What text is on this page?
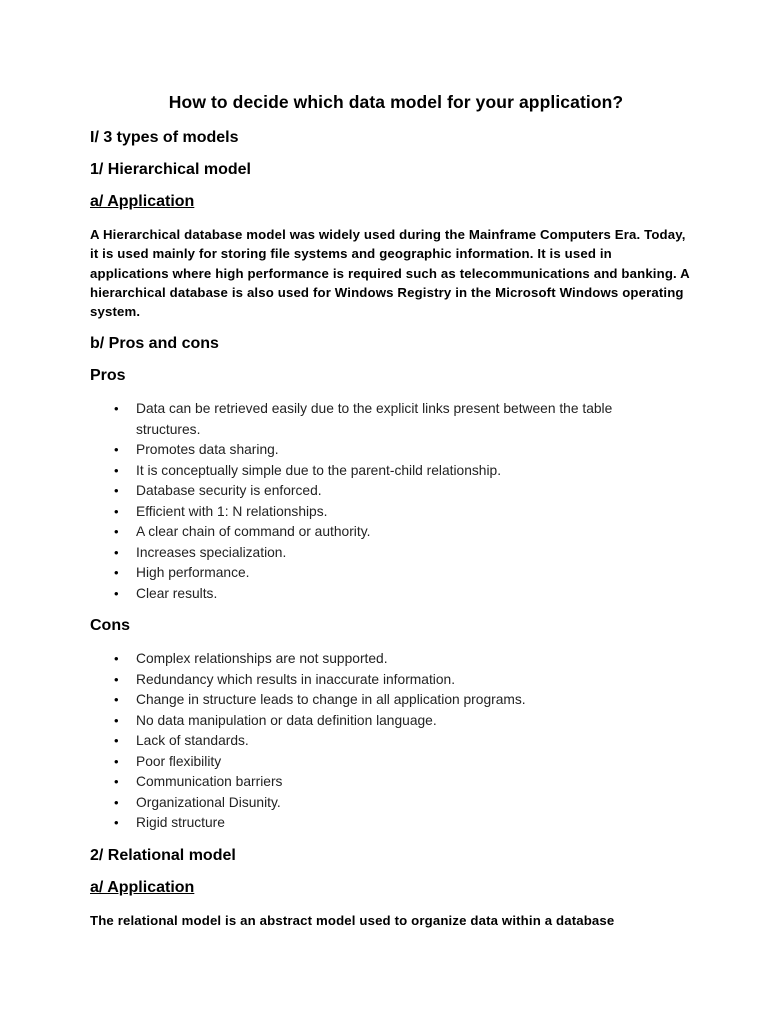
How to decide which data model for your application?
I/ 3 types of models
1/ Hierarchical model
a/ Application
A Hierarchical database model was widely used during the Mainframe Computers Era. Today, it is used mainly for storing file systems and geographic information. It is used in applications where high performance is required such as telecommunications and banking. A hierarchical database is also used for Windows Registry in the Microsoft Windows operating system.
b/ Pros and cons
Pros
• Data can be retrieved easily due to the explicit links present between the table structures.
• Promotes data sharing.
• It is conceptually simple due to the parent-child relationship.
• Database security is enforced.
• Efficient with 1: N relationships.
• A clear chain of command or authority.
• Increases specialization.
• High performance.
• Clear results.
Cons
• Complex relationships are not supported.
• Redundancy which results in inaccurate information.
• Change in structure leads to change in all application programs.
• No data manipulation or data definition language.
• Lack of standards.
• Poor flexibility
• Communication barriers
• Organizational Disunity.
• Rigid structure
2/ Relational model
a/ Application
The relational model is an abstract model used to organize data within a database
